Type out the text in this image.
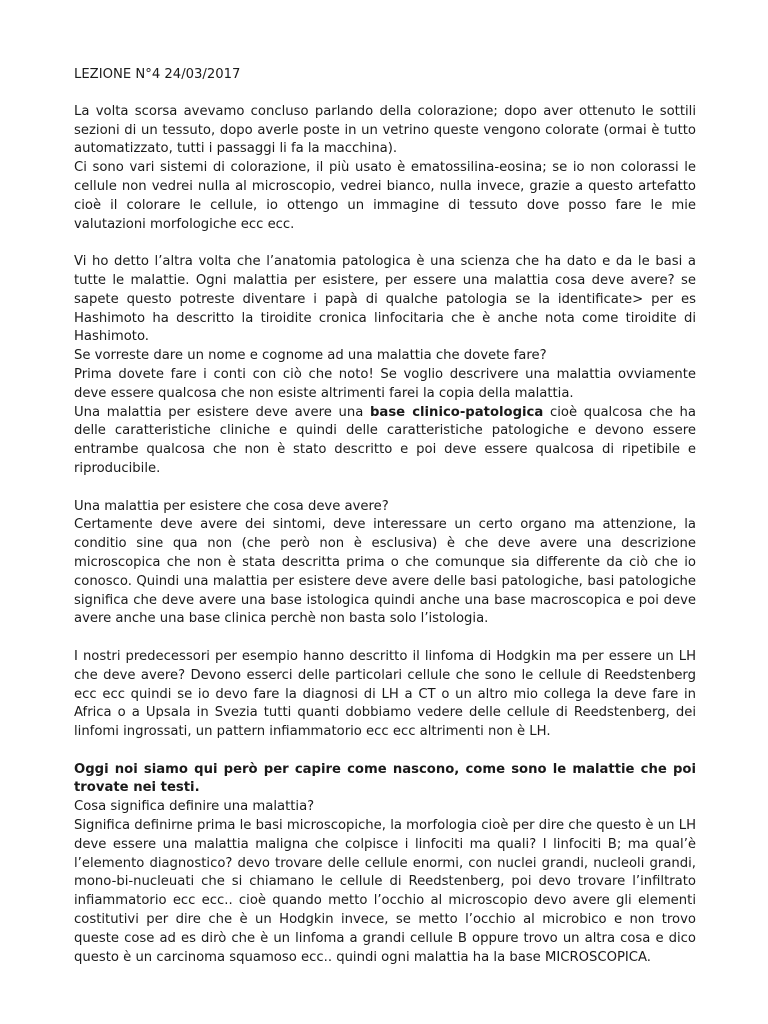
LEZIONE N°4 24/03/2017

La volta scorsa avevamo concluso parlando della colorazione; dopo aver ottenuto le sottili sezioni di un tessuto, dopo averle poste in un vetrino queste vengono colorate (ormai è tutto automatizzato, tutti i passaggi li fa la macchina).

Ci sono vari sistemi di colorazione, il più usato è ematossilina-eosina; se io non colorassi le cellule non vedrei nulla al microscopio, vedrei bianco, nulla invece, grazie a questo artefatto cioè il colorare le cellule, io ottengo un immagine di tessuto dove posso fare le mie valutazioni morfologiche ecc ecc.

Vi ho detto l’altra volta che l’anatomia patologica è una scienza che ha dato e da le basi a tutte le malattie. Ogni malattia per esistere, per essere una malattia cosa deve avere? se sapete questo potreste diventare i papà di qualche patologia se la identificate> per es Hashimoto ha descritto la tiroidite cronica linfocitaria che è anche nota come tiroidite di Hashimoto.

Se vorreste dare un nome e cognome ad una malattia che dovete fare?

Prima dovete fare i conti con ciò che noto! Se voglio descrivere una malattia ovviamente deve essere qualcosa che non esiste altrimenti farei la copia della malattia.

Una malattia per esistere deve avere una base clinico-patologica cioè qualcosa che ha delle caratteristiche cliniche e quindi delle caratteristiche patologiche e devono essere entrambe qualcosa che non è stato descritto e poi deve essere qualcosa di ripetibile e riproducibile.

Una malattia per esistere che cosa deve avere?

Certamente deve avere dei sintomi, deve interessare un certo organo ma attenzione, la conditio sine qua non (che però non è esclusiva) è che deve avere una descrizione microscopica che non è stata descritta prima o che comunque sia differente da ciò che io conosco. Quindi una malattia per esistere deve avere delle basi patologiche, basi patologiche significa che deve avere una base istologica quindi anche una base macroscopica e poi deve avere anche una base clinica perchè non basta solo l’istologia.

I nostri predecessori per esempio hanno descritto il linfoma di Hodgkin ma per essere un LH che deve avere? Devono esserci delle particolari cellule che sono le cellule di Reedstenberg ecc ecc quindi se io devo fare la diagnosi di LH a CT o un altro mio collega la deve fare in Africa o a Upsala in Svezia tutti quanti dobbiamo vedere delle cellule di Reedstenberg, dei linfomi ingrossati, un pattern infiammatorio ecc ecc altrimenti non è LH.

Oggi noi siamo qui però per capire come nascono, come sono le malattie che poi trovate nei testi.

Cosa significa definire una malattia?

Significa definirne prima le basi microscopiche, la morfologia cioè per dire che questo è un LH deve essere una malattia maligna che colpisce i linfociti ma quali? I linfociti B; ma qual’è l’elemento diagnostico? devo trovare delle cellule enormi, con nuclei grandi, nucleoli grandi, mono-bi-nucleuati che si chiamano le cellule di Reedstenberg, poi devo trovare l’infiltrato infiammatorio ecc ecc.. cioè quando metto l’occhio al microscopio devo avere gli elementi costitutivi per dire che è un Hodgkin invece, se metto l’occhio al microbico e non trovo queste cose ad es dirò che è un linfoma a grandi cellule B oppure trovo un altra cosa e dico questo è un carcinoma squamoso ecc.. quindi ogni malattia ha la base MICROSCOPICA.
